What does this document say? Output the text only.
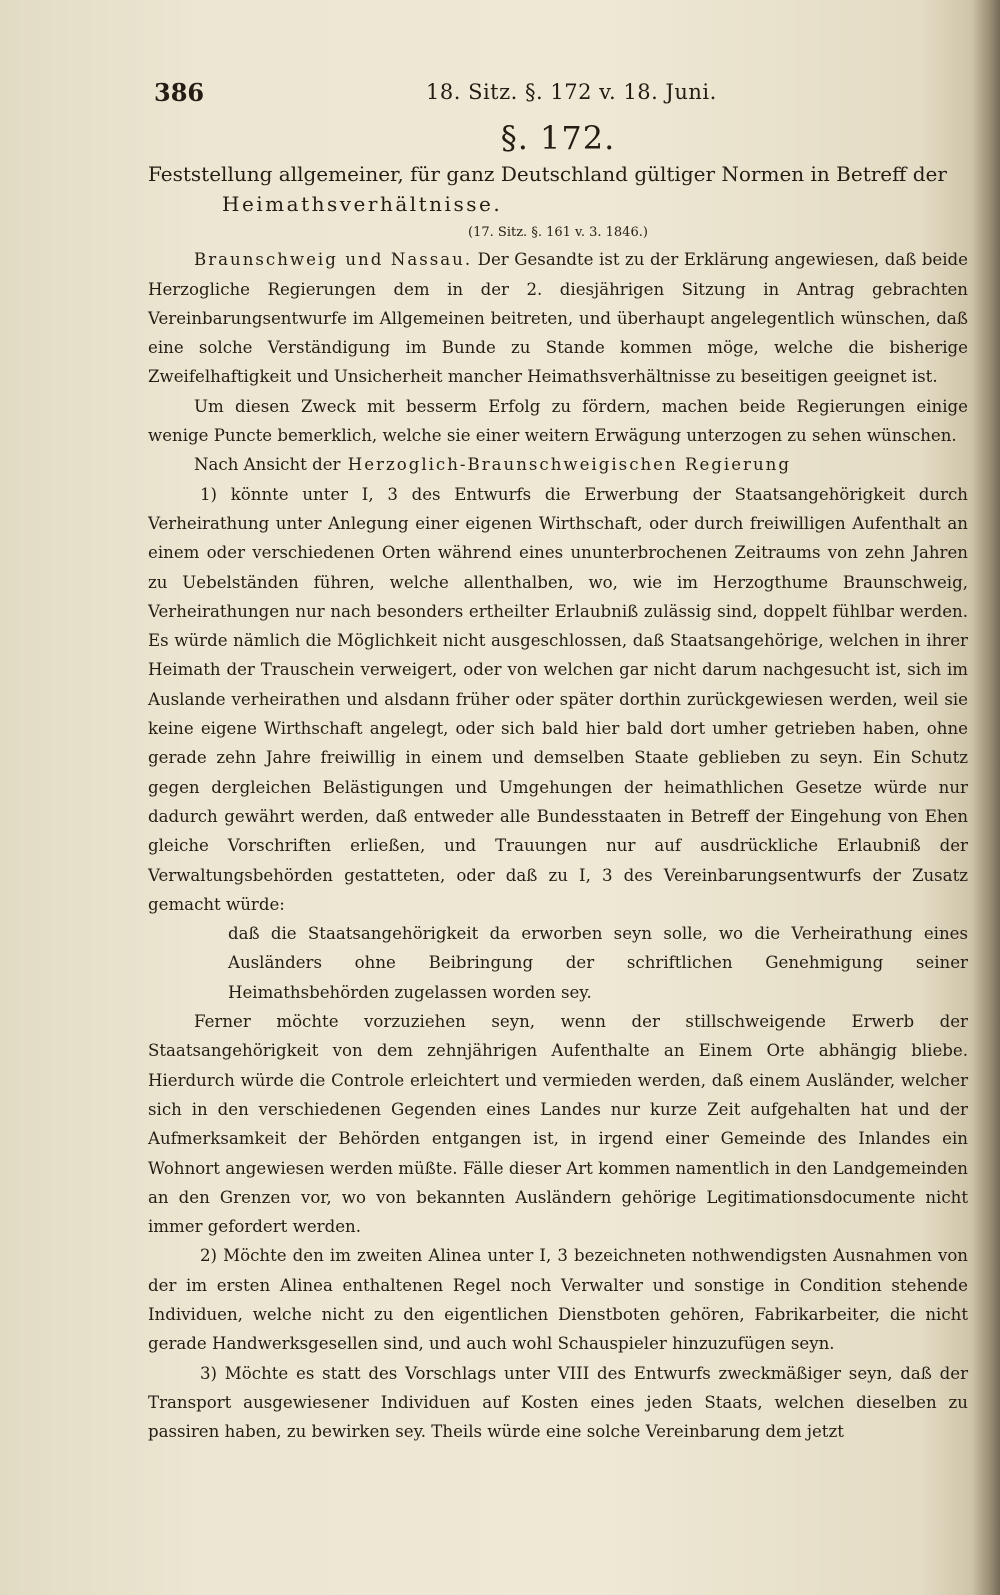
386	18. Sitz. §. 172 v. 18. Juni.
§. 172.
Feststellung allgemeiner, für ganz Deutschland gültiger Normen in Betreff der
Heimathsverhältnisse.
(17. Sitz. §. 161 v. 3. 1846.)

Braunschweig und Nassau. Der Gesandte ist zu der Erklärung angewiesen, daß beide Herzogliche Regierungen dem in der 2. diesjährigen Sitzung in Antrag gebrachten Vereinbarungsentwurfe im Allgemeinen beitreten, und überhaupt angelegentlich wünschen, daß eine solche Verständigung im Bunde zu Stande kommen möge, welche die bisherige Zweifelhaftigkeit und Unsicherheit mancher Heimathsverhältnisse zu beseitigen geeignet ist.

Um diesen Zweck mit besserm Erfolg zu fördern, machen beide Regierungen einige wenige Puncte bemerklich, welche sie einer weitern Erwägung unterzogen zu sehen wünschen.

Nach Ansicht der Herzoglich-Braunschweigischen Regierung

1) könnte unter I, 3 des Entwurfs die Erwerbung der Staatsangehörigkeit durch Verheirathung unter Anlegung einer eigenen Wirthschaft, oder durch freiwilligen Aufenthalt an einem oder verschiedenen Orten während eines ununterbrochenen Zeitraums von zehn Jahren zu Uebelständen führen, welche allenthalben, wo, wie im Herzogthume Braunschweig, Verheirathungen nur nach besonders ertheilter Erlaubniß zulässig sind, doppelt fühlbar werden. Es würde nämlich die Möglichkeit nicht ausgeschlossen, daß Staatsangehörige, welchen in ihrer Heimath der Trauschein verweigert, oder von welchen gar nicht darum nachgesucht ist, sich im Auslande verheirathen und alsdann früher oder später dorthin zurückgewiesen werden, weil sie keine eigene Wirthschaft angelegt, oder sich bald hier bald dort umher getrieben haben, ohne gerade zehn Jahre freiwillig in einem und demselben Staate geblieben zu seyn. Ein Schutz gegen dergleichen Belästigungen und Umgehungen der heimathlichen Gesetze würde nur dadurch gewährt werden, daß entweder alle Bundesstaaten in Betreff der Eingehung von Ehen gleiche Vorschriften erließen, und Trauungen nur auf ausdrückliche Erlaubniß der Verwaltungsbehörden gestatteten, oder daß zu I, 3 des Vereinbarungsentwurfs der Zusatz gemacht würde:

daß die Staatsangehörigkeit da erworben seyn solle, wo die Verheirathung eines Ausländers ohne Beibringung der schriftlichen Genehmigung seiner Heimathsbehörden zugelassen worden sey.

Ferner möchte vorzuziehen seyn, wenn der stillschweigende Erwerb der Staatsangehörigkeit von dem zehnjährigen Aufenthalte an Einem Orte abhängig bliebe. Hierdurch würde die Controle erleichtert und vermieden werden, daß einem Ausländer, welcher sich in den verschiedenen Gegenden eines Landes nur kurze Zeit aufgehalten hat und der Aufmerksamkeit der Behörden entgangen ist, in irgend einer Gemeinde des Inlandes ein Wohnort angewiesen werden müßte. Fälle dieser Art kommen namentlich in den Landgemeinden an den Grenzen vor, wo von bekannten Ausländern gehörige Legitimationsdocumente nicht immer gefordert werden.

2) Möchte den im zweiten Alinea unter I, 3 bezeichneten nothwendigsten Ausnahmen von der im ersten Alinea enthaltenen Regel noch Verwalter und sonstige in Condition stehende Individuen, welche nicht zu den eigentlichen Dienstboten gehören, Fabrikarbeiter, die nicht gerade Handwerksgesellen sind, und auch wohl Schauspieler hinzuzufügen seyn.

3) Möchte es statt des Vorschlags unter VIII des Entwurfs zweckmäßiger seyn, daß der Transport ausgewiesener Individuen auf Kosten eines jeden Staats, welchen dieselben zu passiren haben, zu bewirken sey. Theils würde eine solche Vereinbarung dem jetzt
